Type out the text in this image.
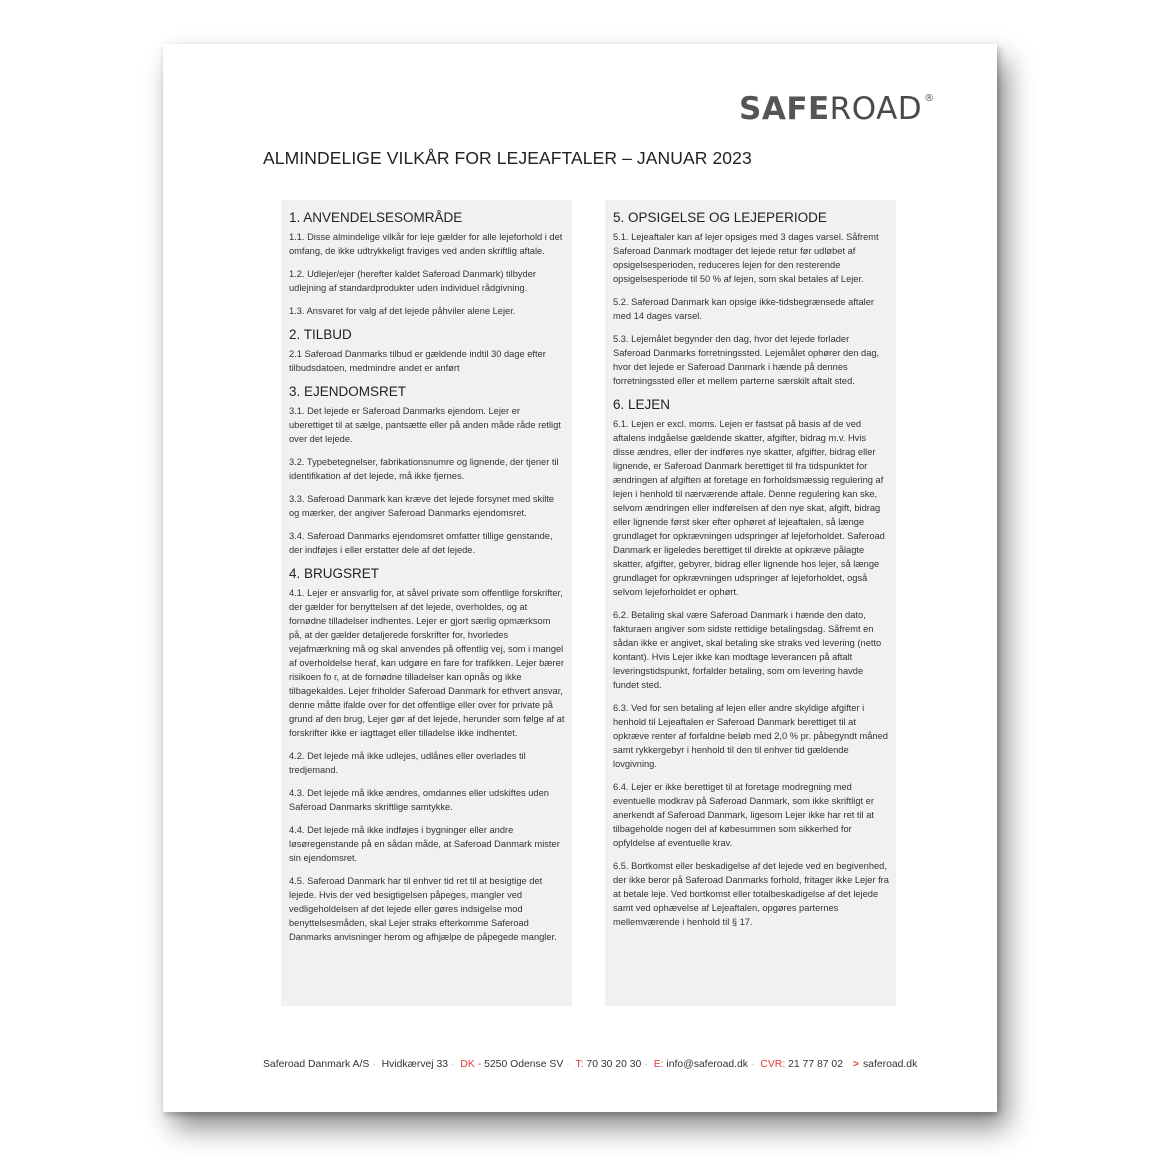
SAFEROAD ®
ALMINDELIGE VILKÅR FOR LEJEAFTALER – JANUAR 2023
1. ANVENDELSESOMRÅDE

1.1. Disse almindelige vilkår for leje gælder for alle lejeforhold i det omfang, de ikke udtrykkeligt fraviges ved anden skriftlig aftale.

1.2. Udlejer/ejer (herefter kaldet Saferoad Danmark) tilbyder udlejning af standardprodukter uden individuel rådgivning.

1.3. Ansvaret for valg af det lejede påhviler alene Lejer.

2. TILBUD

2.1 Saferoad Danmarks tilbud er gældende indtil 30 dage efter tilbudsdatoen, medmindre andet er anført

3. EJENDOMSRET

3.1. Det lejede er Saferoad Danmarks ejendom. Lejer er uberettiget til at sælge, pantsætte eller på anden måde råde retligt over det lejede.

3.2. Typebetegnelser, fabrikationsnumre og lignende, der tjener til identifikation af det lejede, må ikke fjernes.

3.3. Saferoad Danmark kan kræve det lejede forsynet med skilte og mærker, der angiver Saferoad Danmarks ejendomsret.

3.4. Saferoad Danmarks ejendomsret omfatter tillige genstande, der indføjes i eller erstatter dele af det lejede.

4. BRUGSRET

4.1. Lejer er ansvarlig for, at såvel private som offentlige forskrifter, der gælder for benyttelsen af det lejede, overholdes, og at fornødne tilladelser indhentes. Lejer er gjort særlig opmærksom på, at der gælder detaljerede forskrifter for, hvorledes vejafmærkning må og skal anvendes på offentlig vej, som i mangel af overholdelse heraf, kan udgøre en fare for trafikken. Lejer bærer risikoen fo r, at de fornødne tilladelser kan opnås og ikke tilbagekaldes. Lejer friholder Saferoad Danmark for ethvert ansvar, denne måtte ifalde over for det offentlige eller over for private på grund af den brug, Lejer gør af det lejede, herunder som følge af at forskrifter ikke er iagttaget eller tilladelse ikke indhentet.

4.2. Det lejede må ikke udlejes, udlånes eller overlades til tredjemand.

4.3. Det lejede må ikke ændres, omdannes eller udskiftes uden Saferoad Danmarks skriftlige samtykke.

4.4. Det lejede må ikke indføjes i bygninger eller andre løsøregenstande på en sådan måde, at Saferoad Danmark mister sin ejendomsret.

4.5. Saferoad Danmark har til enhver tid ret til at besigtige det lejede. Hvis der ved besigtigelsen påpeges, mangler ved vedligeholdelsen af det lejede eller gøres indsigelse mod benyttelsesmåden, skal Lejer straks efterkomme Saferoad Danmarks anvisninger herom og afhjælpe de påpegede mangler.

5. OPSIGELSE OG LEJEPERIODE

5.1. Lejeaftaler kan af lejer opsiges med 3 dages varsel. Såfremt Saferoad Danmark modtager det lejede retur før udløbet af opsigelsesperioden, reduceres lejen for den resterende opsigelsesperiode til 50 % af lejen, som skal betales af Lejer.

5.2. Saferoad Danmark kan opsige ikke-tidsbegrænsede aftaler med 14 dages varsel.

5.3. Lejemålet begynder den dag, hvor det lejede forlader Saferoad Danmarks forretningssted. Lejemålet ophører den dag, hvor det lejede er Saferoad Danmark i hænde på dennes forretningssted eller et mellem parterne særskilt aftalt sted.

6. LEJEN

6.1. Lejen er excl. moms. Lejen er fastsat på basis af de ved aftalens indgåelse gældende skatter, afgifter, bidrag m.v. Hvis disse ændres, eller der indføres nye skatter, afgifter, bidrag eller lignende, er Saferoad Danmark berettiget til fra tidspunktet for ændringen af afgiften at foretage en forholdsmæssig regulering af lejen i henhold til nærværende aftale. Denne regulering kan ske, selvom ændringen eller indførelsen af den nye skat, afgift, bidrag eller lignende først sker efter ophøret af lejeaftalen, så længe grundlaget for opkrævningen udspringer af lejeforholdet. Saferoad Danmark er ligeledes berettiget til direkte at opkræve pålagte skatter, afgifter, gebyrer, bidrag eller lignende hos lejer, så længe grundlaget for opkrævningen udspringer af lejeforholdet, også selvom lejeforholdet er ophørt.

6.2. Betaling skal være Saferoad Danmark i hænde den dato, fakturaen angiver som sidste rettidige betalingsdag. Såfremt en sådan ikke er angivet, skal betaling ske straks ved levering (netto kontant). Hvis Lejer ikke kan modtage leverancen på aftalt leveringstidspunkt, forfalder betaling, som om levering havde fundet sted.

6.3. Ved for sen betaling af lejen eller andre skyldige afgifter i henhold til Lejeaftalen er Saferoad Danmark berettiget til at opkræve renter af forfaldne beløb med 2,0 % pr. påbegyndt måned samt rykkergebyr i henhold til den til enhver tid gældende lovgivning.

6.4. Lejer er ikke berettiget til at foretage modregning med eventuelle modkrav på Saferoad Danmark, som ikke skriftligt er anerkendt af Saferoad Danmark, ligesom Lejer ikke har ret til at tilbageholde nogen del af købesummen som sikkerhed for opfyldelse af eventuelle krav.

6.5. Bortkomst eller beskadigelse af det lejede ved en begivenhed, der ikke beror på Saferoad Danmarks forhold, fritager ikke Lejer fra at betale leje. Ved bortkomst eller totalbeskadigelse af det lejede samt ved ophævelse af Lejeaftalen, opgøres parternes mellemværende i henhold til § 17.

Saferoad Danmark A/S · Hvidkærvej 33 · DK - 5250 Odense SV · T: 70 30 20 30 · E: info@saferoad.dk · CVR: 21 77 87 02 > saferoad.dk
